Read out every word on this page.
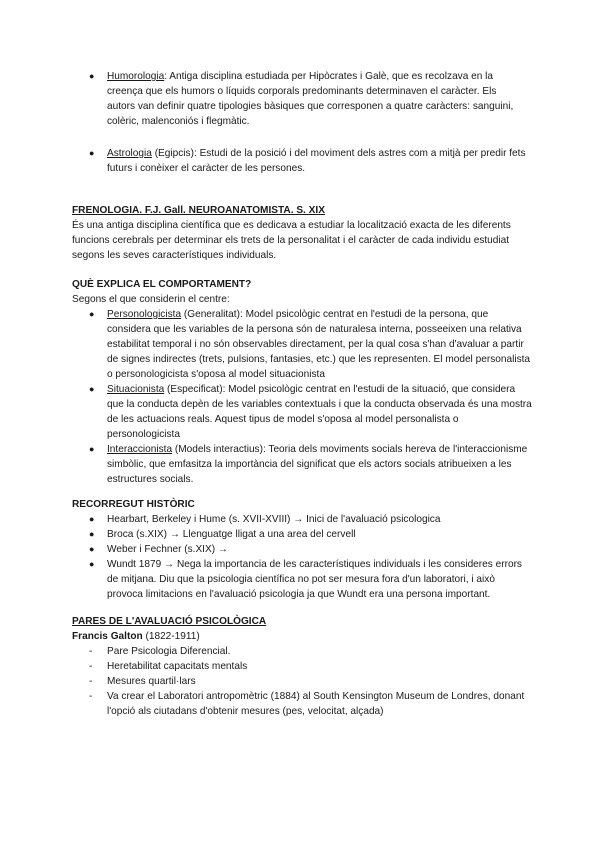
● Humorologia: Antiga disciplina estudiada per Hipòcrates i Galè, que es recolzava en la creença que els humors o líquids corporals predominants determinaven el caràcter. Els autors van definir quatre tipologies bàsiques que corresponen a quatre caràcters: sanguini, colèric, malenconiós i flegmàtic.
● Astrologia (Egipcis): Estudi de la posició i del moviment dels astres com a mitjà per predir fets futurs i conèixer el caràcter de les persones.
FRENOLOGIA. F.J. Gall. NEUROANATOMISTA. S. XIX

És una antiga disciplina científica que es dedicava a estudiar la localització exacta de les diferents funcions cerebrals per determinar els trets de la personalitat i el caràcter de cada individu estudiat segons les seves característiques individuals.

QUÈ EXPLICA EL COMPORTAMENT?

Segons el que considerin el centre:

● Personologicista (Generalitat): Model psicològic centrat en l'estudi de la persona, que considera que les variables de la persona són de naturalesa interna, posseeixen una relativa estabilitat temporal i no són observables directament, per la qual cosa s'han d'avaluar a partir de signes indirectes (trets, pulsions, fantasies, etc.) que les representen. El model personalista o personologicista s'oposa al model situacionista
● Situacionista (Especificat): Model psicològic centrat en l'estudi de la situació, que considera que la conducta depèn de les variables contextuals i que la conducta observada és una mostra de les actuacions reals. Aquest tipus de model s'oposa al model personalista o personologicista
● Interaccionista (Models interactius): Teoria dels moviments socials hereva de l'interaccionisme simbòlic, que emfasitza la importància del significat que els actors socials atribueixen a les estructures socials.
RECORREGUT HISTÒRIC
● Hearbart, Berkeley i Hume (s. XVII-XVIII) → Inici de l'avaluació psicologica
● Broca (s.XIX) → Llenguatge lligat a una area del cervell
● Weber i Fechner (s.XIX) →
● Wundt 1879 → Nega la importancia de les característiques individuals i les consideres errors de mitjana. Diu que la psicologia científica no pot ser mesura fora d'un laboratori, i això provoca limitacions en l'avaluació psicologia ja que Wundt era una persona important.
PARES DE L'AVALUACIÓ PSICOLÒGICA

Francis Galton (1822-1911)

- Pare Psicologia Diferencial.
- Heretabilitat capacitats mentals
- Mesures quartil·lars
- Va crear el Laboratori antropomètric (1884) al South Kensington Museum de Londres, donant l'opció als ciutadans d'obtenir mesures (pes, velocitat, alçada)
